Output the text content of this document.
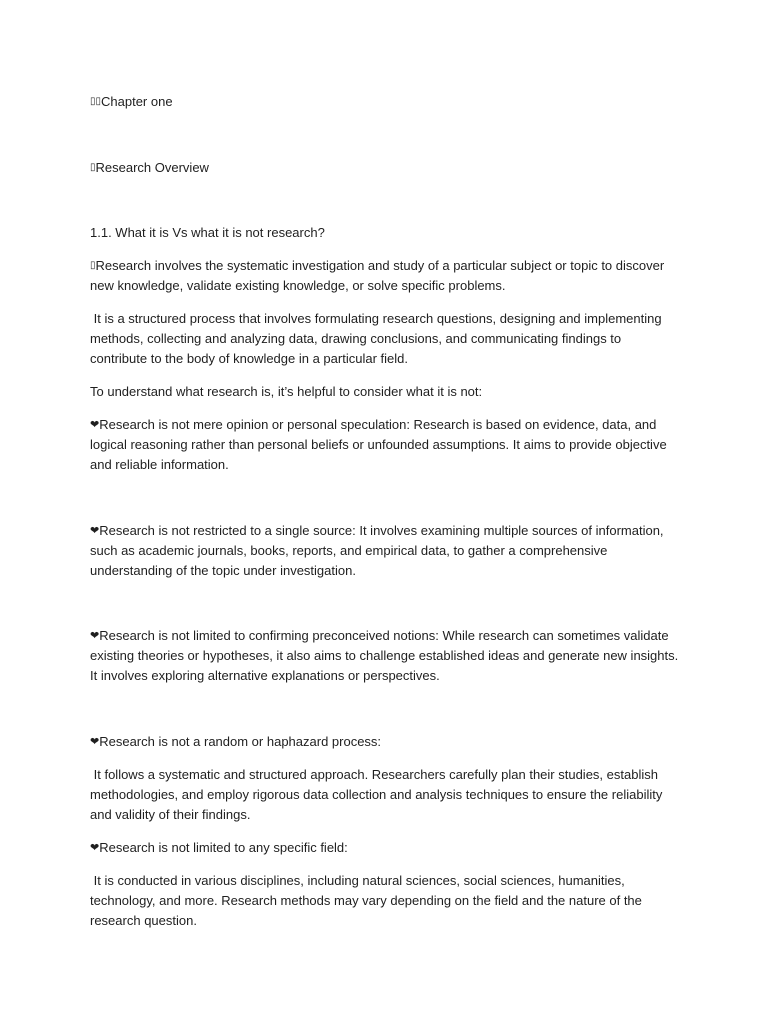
▯▯Chapter one

▯Research Overview

1.1. What it is Vs what it is not research?

▯Research involves the systematic investigation and study of a particular subject or topic to discover new knowledge, validate existing knowledge, or solve specific problems.

It is a structured process that involves formulating research questions, designing and implementing methods, collecting and analyzing data, drawing conclusions, and communicating findings to contribute to the body of knowledge in a particular field.

To understand what research is, it’s helpful to consider what it is not:

❤Research is not mere opinion or personal speculation: Research is based on evidence, data, and logical reasoning rather than personal beliefs or unfounded assumptions. It aims to provide objective and reliable information.

❤Research is not restricted to a single source: It involves examining multiple sources of information, such as academic journals, books, reports, and empirical data, to gather a comprehensive understanding of the topic under investigation.

❤Research is not limited to confirming preconceived notions: While research can sometimes validate existing theories or hypotheses, it also aims to challenge established ideas and generate new insights. It involves exploring alternative explanations or perspectives.

❤Research is not a random or haphazard process:

It follows a systematic and structured approach. Researchers carefully plan their studies, establish methodologies, and employ rigorous data collection and analysis techniques to ensure the reliability and validity of their findings.

❤Research is not limited to any specific field:

It is conducted in various disciplines, including natural sciences, social sciences, humanities, technology, and more. Research methods may vary depending on the field and the nature of the research question.
